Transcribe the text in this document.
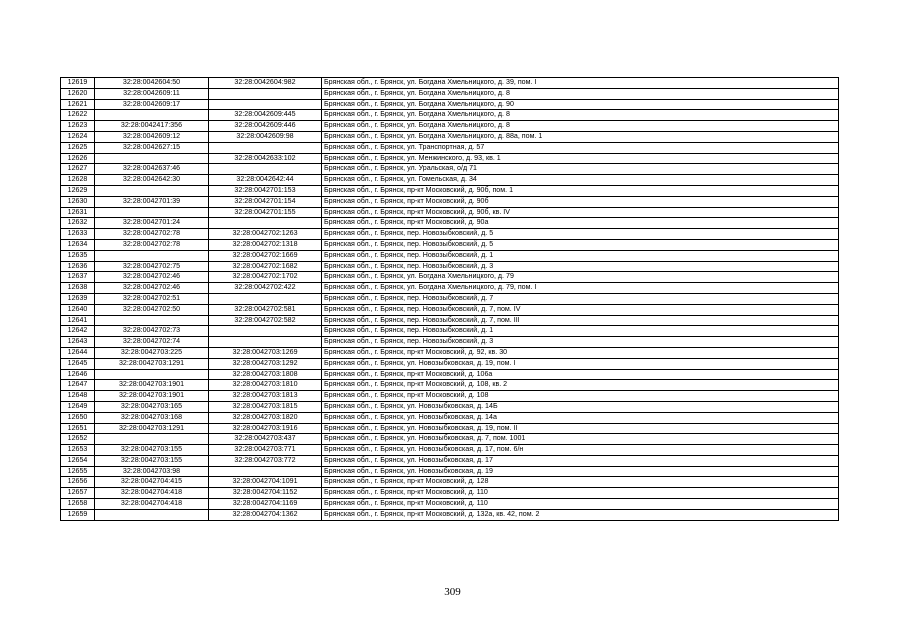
12619	32:28:0042604:50	32:28:0042604:982	Брянская обл., г. Брянск, ул. Богдана Хмельницкого, д. 39, пом. I
12620	32:28:0042609:11		Брянская обл., г. Брянск, ул. Богдана Хмельницкого, д. 8
12621	32:28:0042609:17		Брянская обл., г. Брянск, ул. Богдана Хмельницкого, д. 90
12622		32:28:0042609:445	Брянская обл., г. Брянск, ул. Богдана Хмельницкого, д. 8
12623	32:28:0042417:356	32:28:0042609:446	Брянская обл., г. Брянск, ул. Богдана Хмельницкого, д. 8
12624	32:28:0042609:12	32:28:0042609:98	Брянская обл., г. Брянск, ул. Богдана Хмельницкого, д. 88а, пом. 1
12625	32:28:0042627:15		Брянская обл., г. Брянск, ул. Транспортная, д. 57
12626		32:28:0042633:102	Брянская обл., г. Брянск, ул. Менжинского, д. 93, кв. 1
12627	32:28:0042637:46		Брянская обл., г. Брянск, ул. Уральская, о/д 71
12628	32:28:0042642:30	32:28:0042642:44	Брянская обл., г. Брянск, ул. Гомельская, д. 34
12629		32:28:0042701:153	Брянская обл., г. Брянск, пр-кт Московский, д. 90б, пом. 1
12630	32:28:0042701:39	32:28:0042701:154	Брянская обл., г. Брянск, пр-кт Московский, д. 90б
12631		32:28:0042701:155	Брянская обл., г. Брянск, пр-кт Московский, д. 90б, кв. IV
12632	32:28:0042701:24		Брянская обл., г. Брянск, пр-кт Московский, д. 90а
12633	32:28:0042702:78	32:28:0042702:1263	Брянская обл., г. Брянск, пер. Новозыбковский, д. 5
12634	32:28:0042702:78	32:28:0042702:1318	Брянская обл., г. Брянск, пер. Новозыбковский, д. 5
12635		32:28:0042702:1669	Брянская обл., г. Брянск, пер. Новозыбковский, д. 1
12636	32:28:0042702:75	32:28:0042702:1682	Брянская обл., г. Брянск, пер. Новозыбковский, д. 3
12637	32:28:0042702:46	32:28:0042702:1702	Брянская обл., г. Брянск, ул. Богдана Хмельницкого, д. 79
12638	32:28:0042702:46	32:28:0042702:422	Брянская обл., г. Брянск, ул. Богдана Хмельницкого, д. 79, пом. I
12639	32:28:0042702:51		Брянская обл., г. Брянск, пер. Новозыбковский, д. 7
12640	32:28:0042702:50	32:28:0042702:581	Брянская обл., г. Брянск, пер. Новозыбковский, д. 7, пом. IV
12641		32:28:0042702:582	Брянская обл., г. Брянск, пер. Новозыбковский, д. 7, пом. III
12642	32:28:0042702:73		Брянская обл., г. Брянск, пер. Новозыбковский, д. 1
12643	32:28:0042702:74		Брянская обл., г. Брянск, пер. Новозыбковский, д. 3
12644	32:28:0042703:225	32:28:0042703:1269	Брянская обл., г. Брянск, пр-кт Московский, д. 92, кв. 30
12645	32:28:0042703:1291	32:28:0042703:1292	Брянская обл., г. Брянск, ул. Новозыбковская, д. 19, пом. I
12646		32:28:0042703:1808	Брянская обл., г. Брянск, пр-кт Московский, д. 106а
12647	32:28:0042703:1901	32:28:0042703:1810	Брянская обл., г. Брянск, пр-кт Московский, д. 108, кв. 2
12648	32:28:0042703:1901	32:28:0042703:1813	Брянская обл., г. Брянск, пр-кт Московский, д. 108
12649	32:28:0042703:165	32:28:0042703:1815	Брянская обл., г. Брянск, ул. Новозыбковская, д. 14Б
12650	32:28:0042703:168	32:28:0042703:1820	Брянская обл., г. Брянск, ул. Новозыбковская, д. 14а
12651	32:28:0042703:1291	32:28:0042703:1916	Брянская обл., г. Брянск, ул. Новозыбковская, д. 19, пом. II
12652		32:28:0042703:437	Брянская обл., г. Брянск, ул. Новозыбковская, д. 7, пом. 1001
12653	32:28:0042703:155	32:28:0042703:771	Брянская обл., г. Брянск, ул. Новозыбковская, д. 17, пом. 6/н
12654	32:28:0042703:155	32:28:0042703:772	Брянская обл., г. Брянск, ул. Новозыбковская, д. 17
12655	32:28:0042703:98		Брянская обл., г. Брянск, ул. Новозыбковская, д. 19
12656	32:28:0042704:415	32:28:0042704:1091	Брянская обл., г. Брянск, пр-кт Московский, д. 128
12657	32:28:0042704:418	32:28:0042704:1152	Брянская обл., г. Брянск, пр-кт Московский, д. 110
12658	32:28:0042704:418	32:28:0042704:1169	Брянская обл., г. Брянск, пр-кт Московский, д. 110
12659		32:28:0042704:1362	Брянская обл., г. Брянск, пр-кт Московский, д. 132а, кв. 42, пом. 2
309
